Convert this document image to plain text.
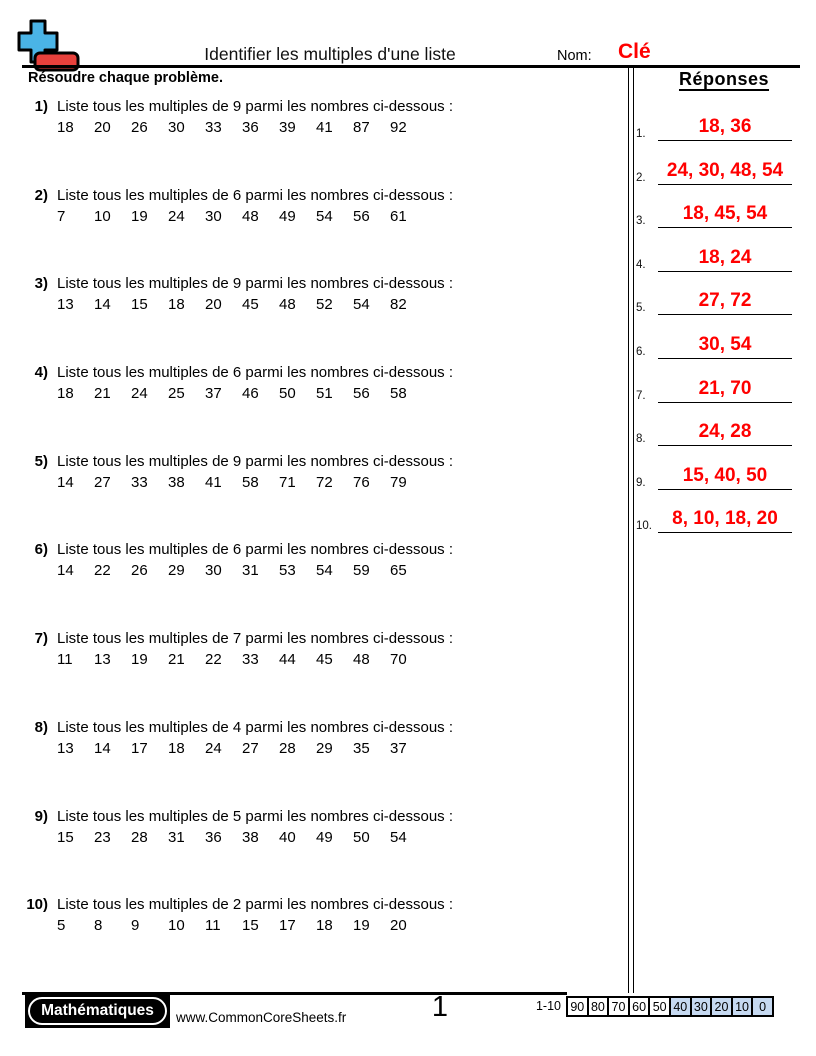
Identifier les multiples d'une liste	Nom: Clé
Résoudre chaque problème.
1) Liste tous les multiples de 9 parmi les nombres ci-dessous :
18	20	26	30	33	36	39	41	87	92
2) Liste tous les multiples de 6 parmi les nombres ci-dessous :
7	10	19	24	30	48	49	54	56	61
3) Liste tous les multiples de 9 parmi les nombres ci-dessous :
13	14	15	18	20	45	48	52	54	82
4) Liste tous les multiples de 6 parmi les nombres ci-dessous :
18	21	24	25	37	46	50	51	56	58
5) Liste tous les multiples de 9 parmi les nombres ci-dessous :
14	27	33	38	41	58	71	72	76	79
6) Liste tous les multiples de 6 parmi les nombres ci-dessous :
14	22	26	29	30	31	53	54	59	65
7) Liste tous les multiples de 7 parmi les nombres ci-dessous :
11	13	19	21	22	33	44	45	48	70
8) Liste tous les multiples de 4 parmi les nombres ci-dessous :
13	14	17	18	24	27	28	29	35	37
9) Liste tous les multiples de 5 parmi les nombres ci-dessous :
15	23	28	31	36	38	40	49	50	54
10) Liste tous les multiples de 2 parmi les nombres ci-dessous :
5	8	9	10	11	15	17	18	19	20
Réponses
1.	18, 36
2.	24, 30, 48, 54
3.	18, 45, 54
4.	18, 24
5.	27, 72
6.	30, 54
7.	21, 70
8.	24, 28
9.	15, 40, 50
10.	8, 10, 18, 20
Mathématiques	www.CommonCoreSheets.fr	1	1-10 90 80 70 60 50 40 30 20 10 0
